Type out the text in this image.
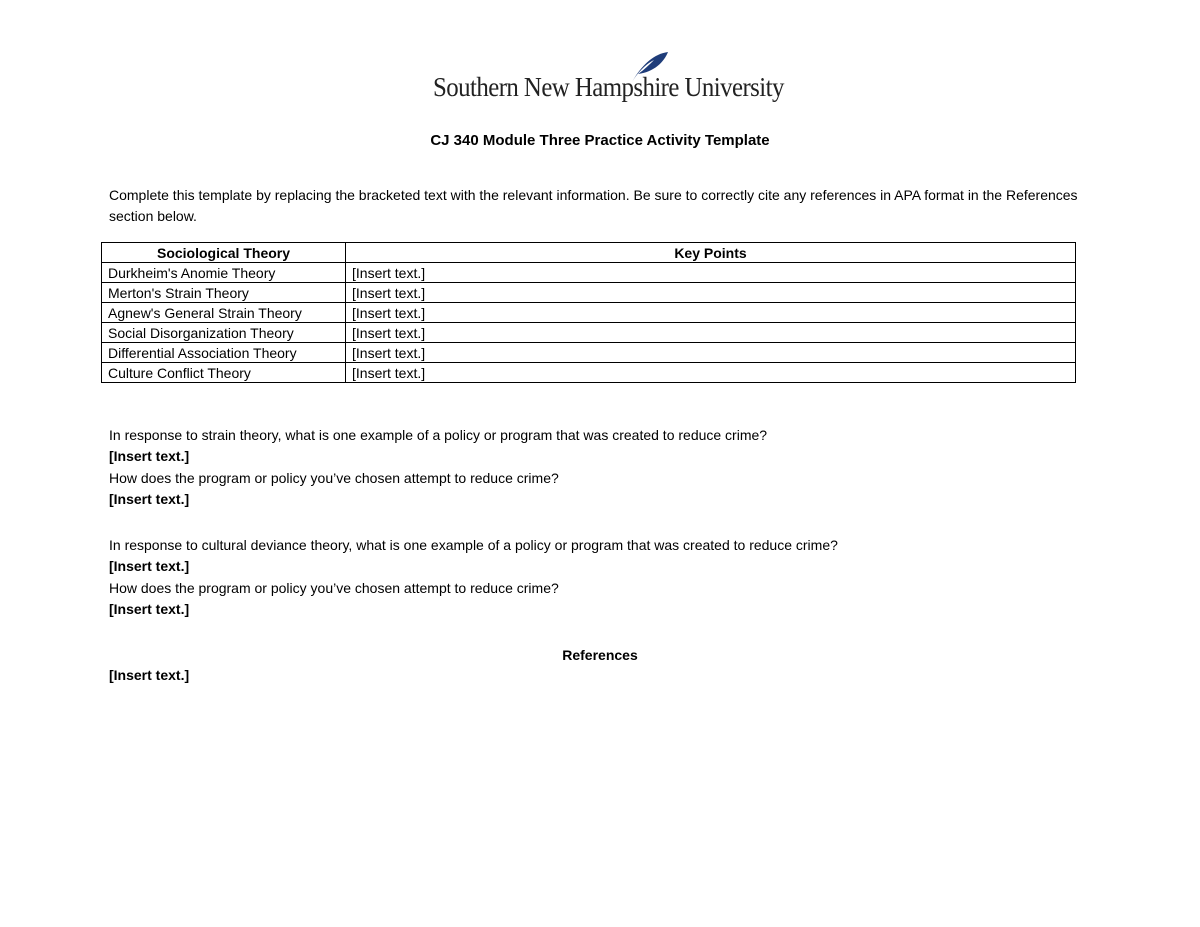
Southern New Hampshire University
CJ 340 Module Three Practice Activity Template
Complete this template by replacing the bracketed text with the relevant information. Be sure to correctly cite any references in APA format in the References section below.
Sociological Theory	Key Points
Durkheim's Anomie Theory	[Insert text.]
Merton's Strain Theory	[Insert text.]
Agnew's General Strain Theory	[Insert text.]
Social Disorganization Theory	[Insert text.]
Differential Association Theory	[Insert text.]
Culture Conflict Theory	[Insert text.]
In response to strain theory, what is one example of a policy or program that was created to reduce crime?
[Insert text.]
How does the program or policy you’ve chosen attempt to reduce crime?
[Insert text.]
In response to cultural deviance theory, what is one example of a policy or program that was created to reduce crime?
[Insert text.]
How does the program or policy you’ve chosen attempt to reduce crime?
[Insert text.]
References
[Insert text.]
